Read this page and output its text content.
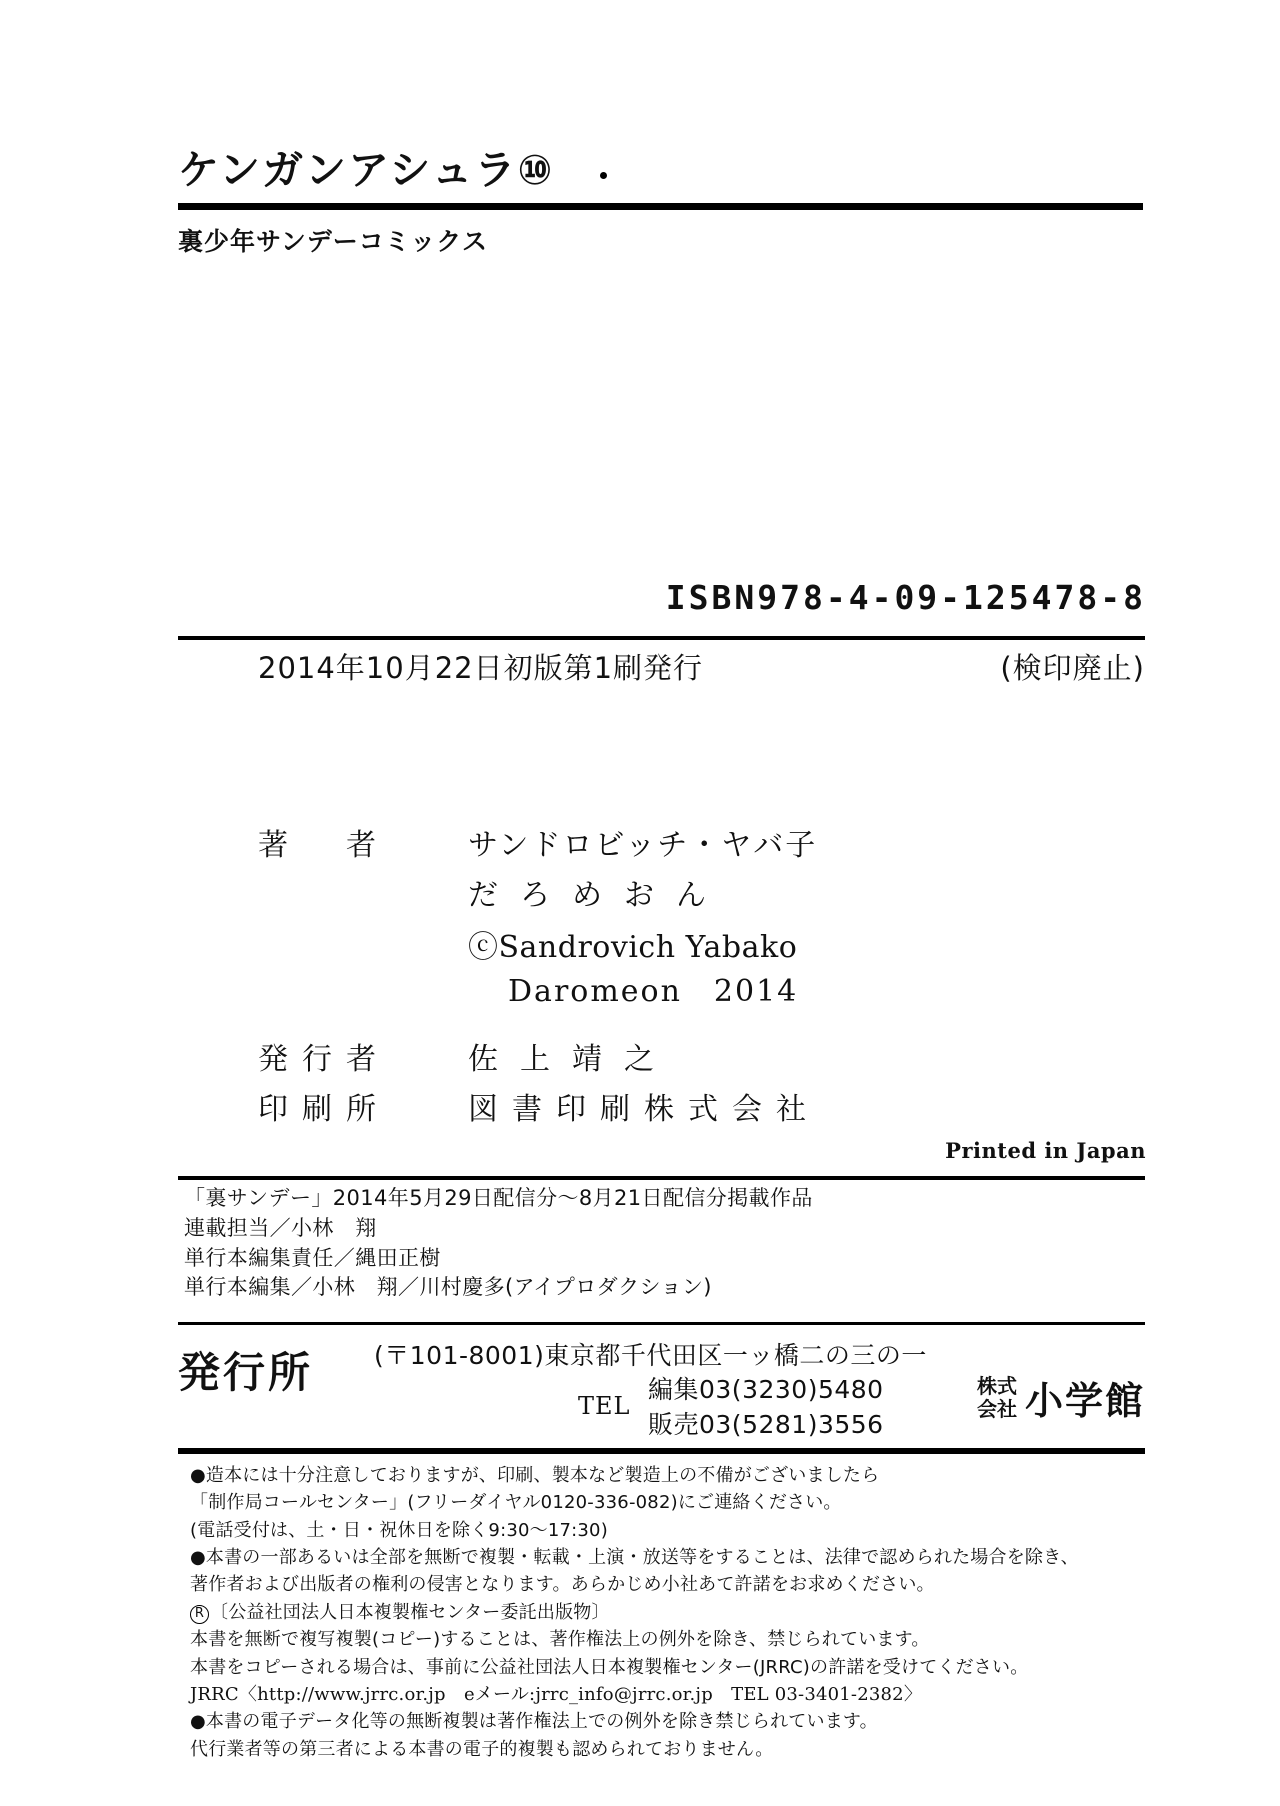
ケンガンアシュラ⑩
裏少年サンデーコミックス
ISBN978-4-09-125478-8
2014年10月22日初版第1刷発行	(検印廃止)
著　者	サンドロビッチ・ヤバ子
だろめおん
ⓒSandrovich Yabako
Daromeon　2014
発行者	佐上靖之
印刷所	図書印刷株式会社
Printed in Japan
「裏サンデー」2014年5月29日配信分〜8月21日配信分掲載作品
連載担当／小林　翔
単行本編集責任／縄田正樹
単行本編集／小林　翔／川村慶多(アイプロダクション)
発行所 (〒101-8001)東京都千代田区一ッ橋二の三の一
TEL
編集03(3230)5480
販売03(5281)3556
株式
会社 小学館
●造本には十分注意しておりますが、印刷、製本など製造上の不備がございましたら
「制作局コールセンター」(フリーダイヤル0120-336-082)にご連絡ください。
(電話受付は、土・日・祝休日を除く9:30〜17:30)
●本書の一部あるいは全部を無断で複製・転載・上演・放送等をすることは、法律で認められた場合を除き、
著作者および出版者の権利の侵害となります。あらかじめ小社あて許諾をお求めください。
R 〔公益社団法人日本複製権センター委託出版物〕
本書を無断で複写複製(コピー)することは、著作権法上の例外を除き、禁じられています。
本書をコピーされる場合は、事前に公益社団法人日本複製権センター(JRRC)の許諾を受けてください。
JRRC〈http://www.jrrc.or.jp　eメール:jrrc_info@jrrc.or.jp　TEL 03-3401-2382〉
●本書の電子データ化等の無断複製は著作権法上での例外を除き禁じられています。
代行業者等の第三者による本書の電子的複製も認められておりません。
